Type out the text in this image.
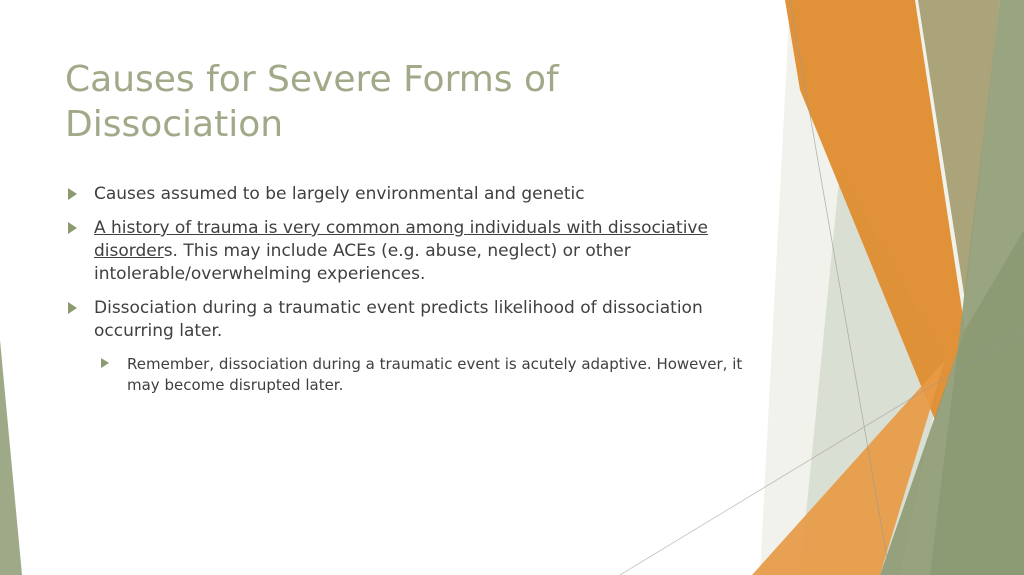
Causes for Severe Forms of Dissociation
Causes assumed to be largely environmental and genetic
A history of trauma is very common among individuals with dissociative disorders. This may include ACEs (e.g. abuse, neglect) or other intolerable/overwhelming experiences.
Dissociation during a traumatic event predicts likelihood of dissociation occurring later.
Remember, dissociation during a traumatic event is acutely adaptive. However, it may become disrupted later.
